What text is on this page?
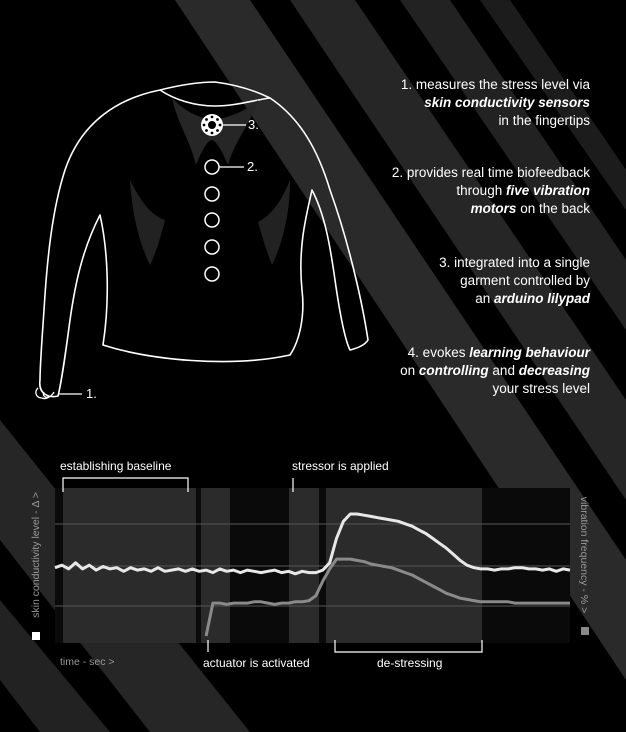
3.
2.
1.
1. measures the stress level via
skin conductivity sensors
in the fingertips
2. provides real time biofeedback
through five vibration
motors on the back
3. integrated into a single
garment controlled by
an arduino lilypad
4. evokes learning behaviour
on controlling and decreasing
your stress level
establishing baseline	stressor is applied
actuator is activated	de-stressing
time - sec >
skin conductivity level - Δ >	vibration frequency - % >
